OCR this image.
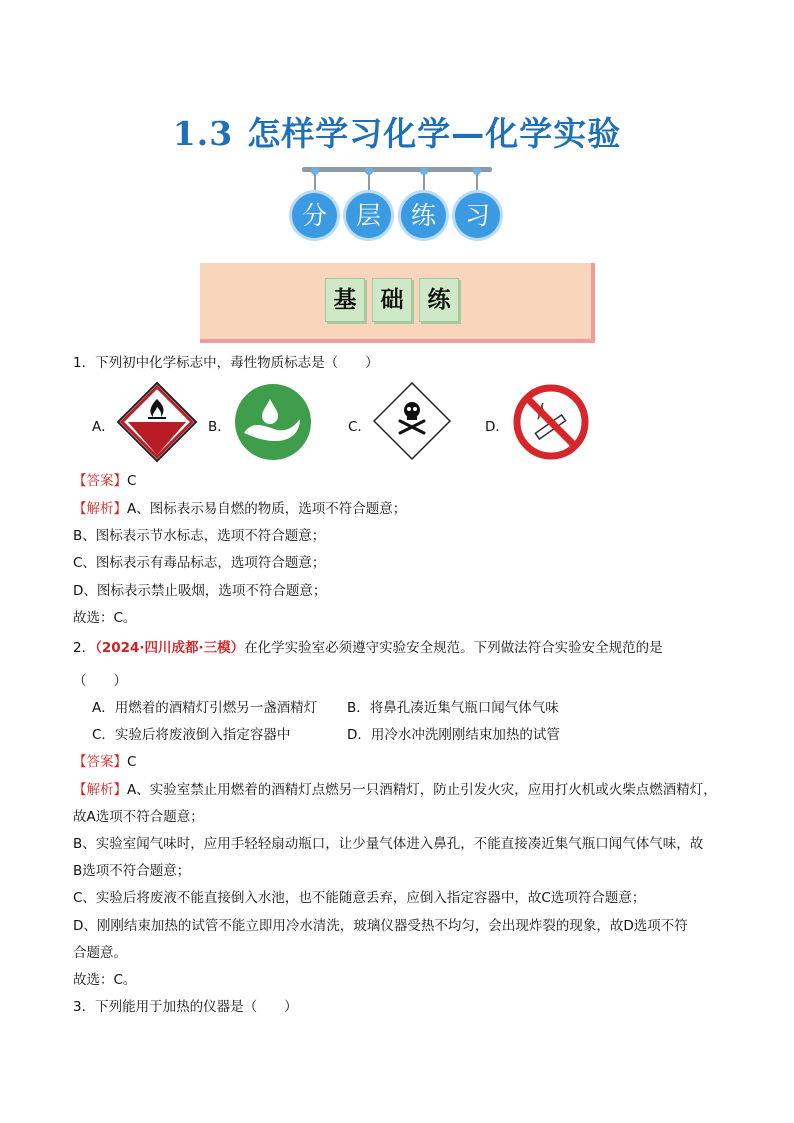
1.3 怎样学习化学—化学实验
分	层	练	习
基	础	练
1．下列初中化学标志中，毒性物质标志是（　　）
A．	B．	C．	D．
【答案】C
【解析】A、图标表示易自燃的物质，选项不符合题意；
B、图标表示节水标志，选项不符合题意；
C、图标表示有毒品标志，选项符合题意；
D、图标表示禁止吸烟，选项不符合题意；
故选：C。
2．（2024·四川成都·三模）在化学实验室必须遵守实验安全规范。下列做法符合实验安全规范的是
（　　）
A．用燃着的酒精灯引燃另一盏酒精灯 B．将鼻孔凑近集气瓶口闻气体气味
C．实验后将废液倒入指定容器中	D．用冷水冲洗刚刚结束加热的试管
【答案】C
【解析】A、实验室禁止用燃着的酒精灯点燃另一只酒精灯，防止引发火灾，应用打火机或火柴点燃酒精灯，
故A选项不符合题意；
B、实验室闻气味时，应用手轻轻扇动瓶口，让少量气体进入鼻孔，不能直接凑近集气瓶口闻气体气味，故
B选项不符合题意；
C、实验后将废液不能直接倒入水池，也不能随意丢弃，应倒入指定容器中，故C选项符合题意；
D、刚刚结束加热的试管不能立即用冷水清洗，玻璃仪器受热不均匀，会出现炸裂的现象，故D选项不符
合题意。
故选：C。
3．下列能用于加热的仪器是（　　）
